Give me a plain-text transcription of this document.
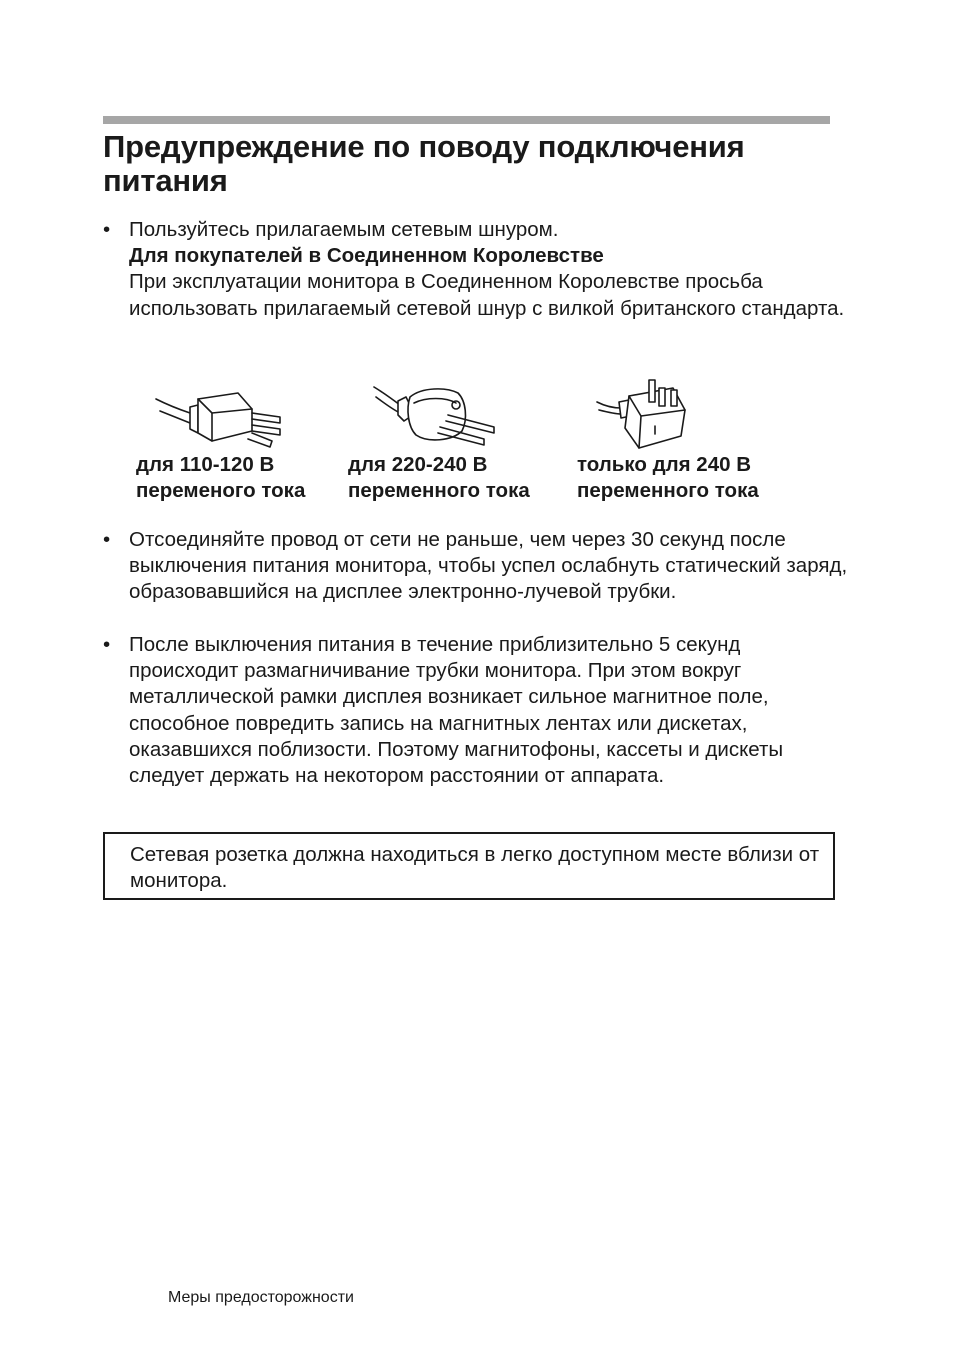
Предупреждение по поводу подключения питания
• Пользуйтесь прилагаемым сетевым шнуром.

Для покупателей в Соединенном Королевстве

При эксплуатации монитора в Соединенном Королевстве просьба использовать прилагаемый сетевой шнур с вилкой британского стандарта.

для 110-120 В
переменого тока
для 220-240 В
переменного тока
только для 240 В
переменного тока
• Отсоединяйте провод от сети не раньше, чем через 30 секунд после выключения питания монитора, чтобы успел ослабнуть статический заряд, образовавшийся на дисплее электронно-лучевой трубки.

• После выключения питания в течение приблизительно 5 секунд происходит размагничивание трубки монитора. При этом вокруг металлической рамки дисплея возникает сильное магнитное поле, способное повредить запись на магнитных лентах или дискетах, оказавшихся поблизости. Поэтому магнитофоны, кассеты и дискеты следует держать на некотором расстоянии от аппарата.

Сетевая розетка должна находиться в легко доступном месте вблизи от монитора.

Меры предосторожности
